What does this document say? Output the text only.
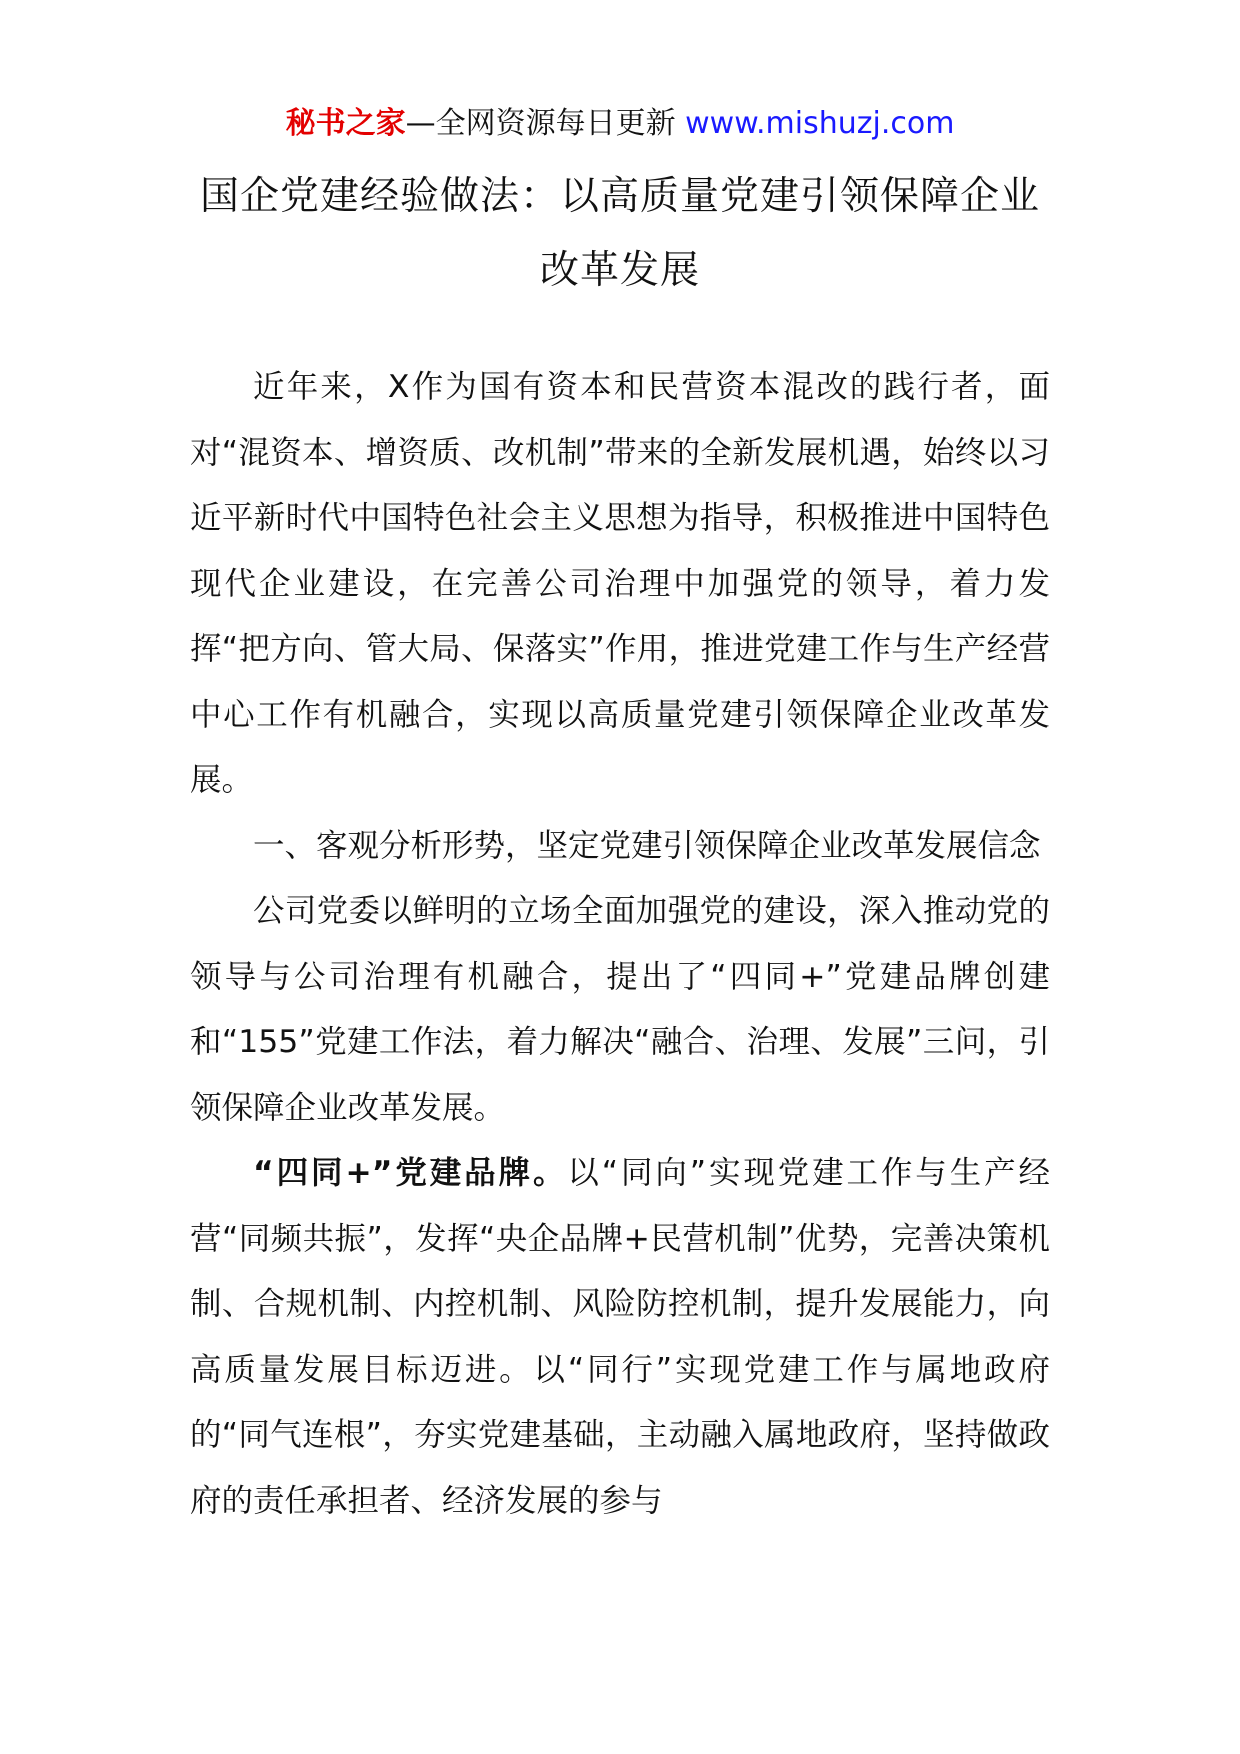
秘书之家—全网资源每日更新 www.mishuzj.com
国企党建经验做法：以高质量党建引领保障企业改革发展

近年来，X作为国有资本和民营资本混改的践行者，面对“混资本、增资质、改机制”带来的全新发展机遇，始终以习近平新时代中国特色社会主义思想为指导，积极推进中国特色现代企业建设，在完善公司治理中加强党的领导，着力发挥“把方向、管大局、保落实”作用，推进党建工作与生产经营中心工作有机融合，实现以高质量党建引领保障企业改革发展。

一、客观分析形势，坚定党建引领保障企业改革发展信念

公司党委以鲜明的立场全面加强党的建设，深入推动党的领导与公司治理有机融合，提出了“四同+”党建品牌创建和“155”党建工作法，着力解决“融合、治理、发展”三问，引领保障企业改革发展。

“四同+”党建品牌。以“同向”实现党建工作与生产经营“同频共振”，发挥“央企品牌+民营机制”优势，完善决策机制、合规机制、内控机制、风险防控机制，提升发展能力，向高质量发展目标迈进。以“同行”实现党建工作与属地政府的“同气连根”，夯实党建基础，主动融入属地政府，坚持做政府的责任承担者、经济发展的参与
